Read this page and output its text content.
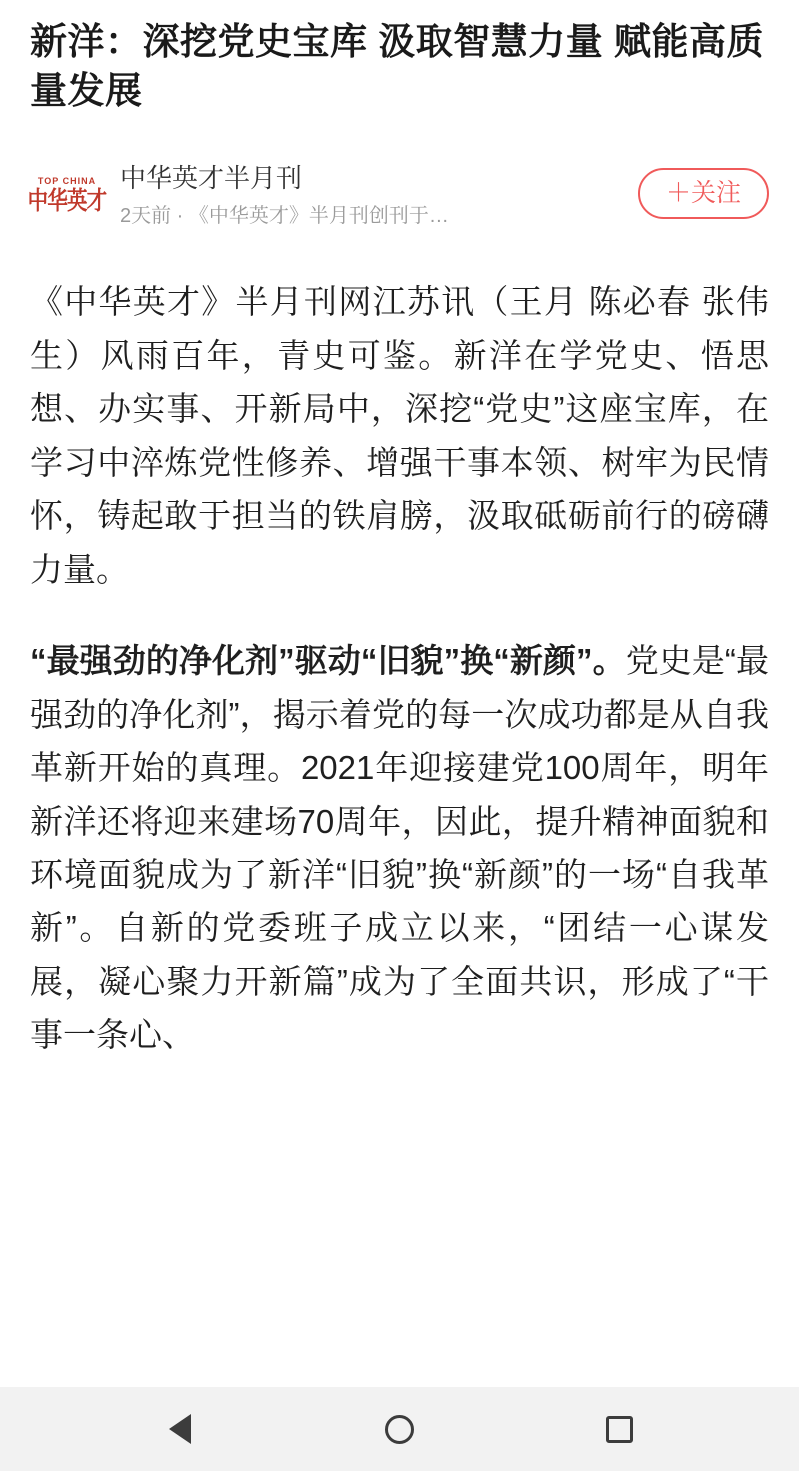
新洋：深挖党史宝库 汲取智慧力量 赋能高质量发展
TOP CHINA
中华英才
中华英才半月刊
2天前 · 《中华英才》半月刊创刊于…
＋关注

《中华英才》半月刊网江苏讯（王月 陈必春 张伟生）风雨百年，青史可鉴。新洋在学党史、悟思想、办实事、开新局中，深挖“党史”这座宝库，在学习中淬炼党性修养、增强干事本领、树牢为民情怀，铸起敢于担当的铁肩膀，汲取砥砺前行的磅礴力量。

“最强劲的净化剂”驱动“旧貌”换“新颜”。党史是“最强劲的净化剂”，揭示着党的每一次成功都是从自我革新开始的真理。2021年迎接建党100周年，明年新洋还将迎来建场70周年，因此，提升精神面貌和环境面貌成为了新洋“旧貌”换“新颜”的一场“自我革新”。自新的党委班子成立以来，“团结一心谋发展，凝心聚力开新篇”成为了全面共识，形成了“干事一条心、
